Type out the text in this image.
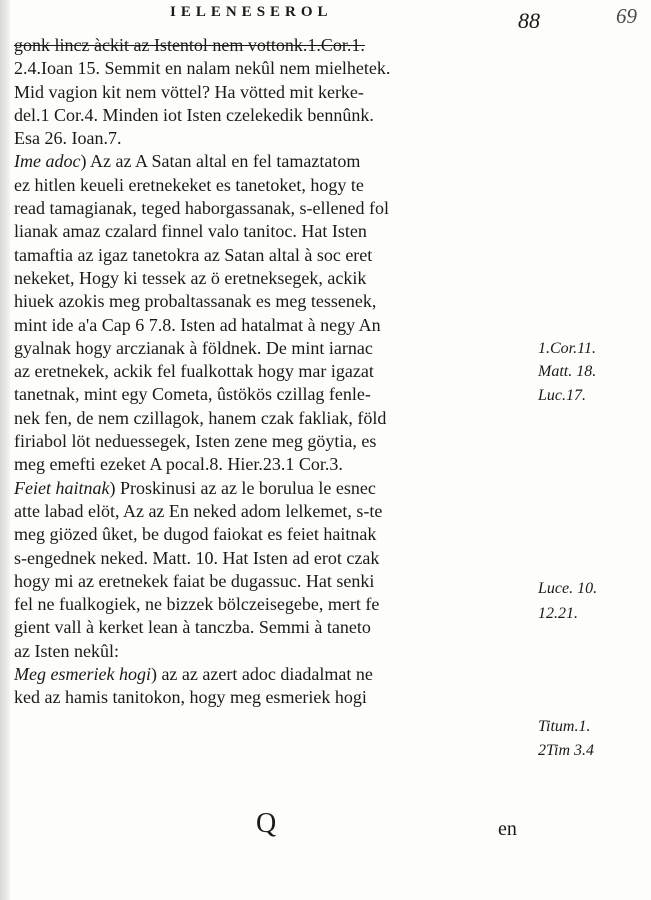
IELENESEROL	88	69
gonk lincz àckit az Istentol nem vottonk.1.Cor.1.
2.4.Ioan 15. Semmit en nalam nekûl nem mielhetek.
Mid vagion kit nem vöttel? Ha vötted mit kerke-
del.1 Cor.4. Minden iot Isten czelekedik bennûnk.
Esa 26. Ioan.7.
Ime adoc) Az az A Satan altal en fel tamaztatom
ez hitlen keueli eretnekeket es tanetoket, hogy te
read tamagianak, teged haborgassanak, s-ellened fol
lianak amaz czalard finnel valo tanitoc. Hat Isten
tamaftia az igaz tanetokra az Satan altal à soc eret
nekeket, Hogy ki tessek az ö eretneksegek, ackik
hiuek azokis meg probaltassanak es meg tessenek,
mint ide a'a Cap 6 7.8. Isten ad hatalmat à negy An
gyalnak hogy arczianak à földnek. De mint iarnac
az eretnekek, ackik fel fualkottak hogy mar igazat
tanetnak, mint egy Cometa, ûstökös czillag fenle-
nek fen, de nem czillagok, hanem czak fakliak, föld
firiabol löt neduessegek, Isten zene meg göytia, es
meg emefti ezeket A pocal.8. Hier.23.1 Cor.3.
Feiet haitnak) Proskinusi az az le borulua le esnec
atte labad elöt, Az az En neked adom lelkemet, s-te
meg giözed ûket, be dugod faiokat es feiet haitnak
s-engednek neked. Matt. 10. Hat Isten ad erot czak
hogy mi az eretnekek faiat be dugassuc. Hat senki
fel ne fualkogiek, ne bizzek bölczeisegebe, mert fe
gient vall à kerket lean à tanczba. Semmi à taneto
az Isten nekûl:
Meg esmeriek hogi) az az azert adoc diadalmat ne
ked az hamis tanitokon, hogy meg esmeriek hogi
1.Cor.11.
Matt. 18.
Luc.17.
Luce. 10.
12.21.
Titum.1.
2Tim 3.4
Q	en
